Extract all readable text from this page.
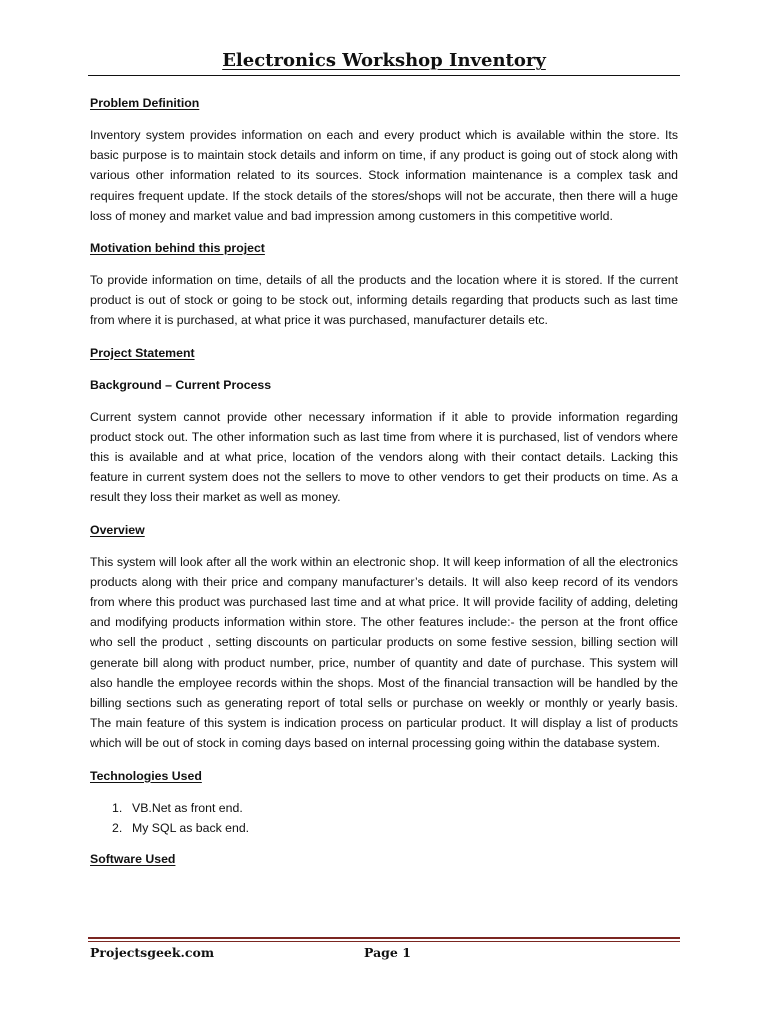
Electronics Workshop Inventory
Problem Definition

Inventory system provides information on each and every product which is available within the store. Its basic purpose is to maintain stock details and inform on time, if any product is going out of stock along with various other information related to its sources. Stock information maintenance is a complex task and requires frequent update. If the stock details of the stores/shops will not be accurate, then there will a huge loss of money and market value and bad impression among customers in this competitive world.

Motivation behind this project

To provide information on time, details of all the products and the location where it is stored. If the current product is out of stock or going to be stock out, informing details regarding that products such as last time from where it is purchased, at what price it was purchased, manufacturer details etc.

Project Statement
Background – Current Process

Current system cannot provide other necessary information if it able to provide information regarding product stock out. The other information such as last time from where it is purchased, list of vendors where this is available and at what price, location of the vendors along with their contact details. Lacking this feature in current system does not the sellers to move to other vendors to get their products on time. As a result they loss their market as well as money.

Overview

This system will look after all the work within an electronic shop. It will keep information of all the electronics products along with their price and company manufacturer’s details. It will also keep record of its vendors from where this product was purchased last time and at what price. It will provide facility of adding, deleting and modifying products information within store. The other features include:- the person at the front office who sell the product , setting discounts on particular products on some festive session, billing section will generate bill along with product number, price, number of quantity and date of purchase. This system will also handle the employee records within the shops. Most of the financial transaction will be handled by the billing sections such as generating report of total sells or purchase on weekly or monthly or yearly basis. The main feature of this system is indication process on particular product. It will display a list of products which will be out of stock in coming days based on internal processing going within the database system.

Technologies Used
1. VB.Net as front end.
2. My SQL as back end.
Software Used
Projectsgeek.com	Page 1
